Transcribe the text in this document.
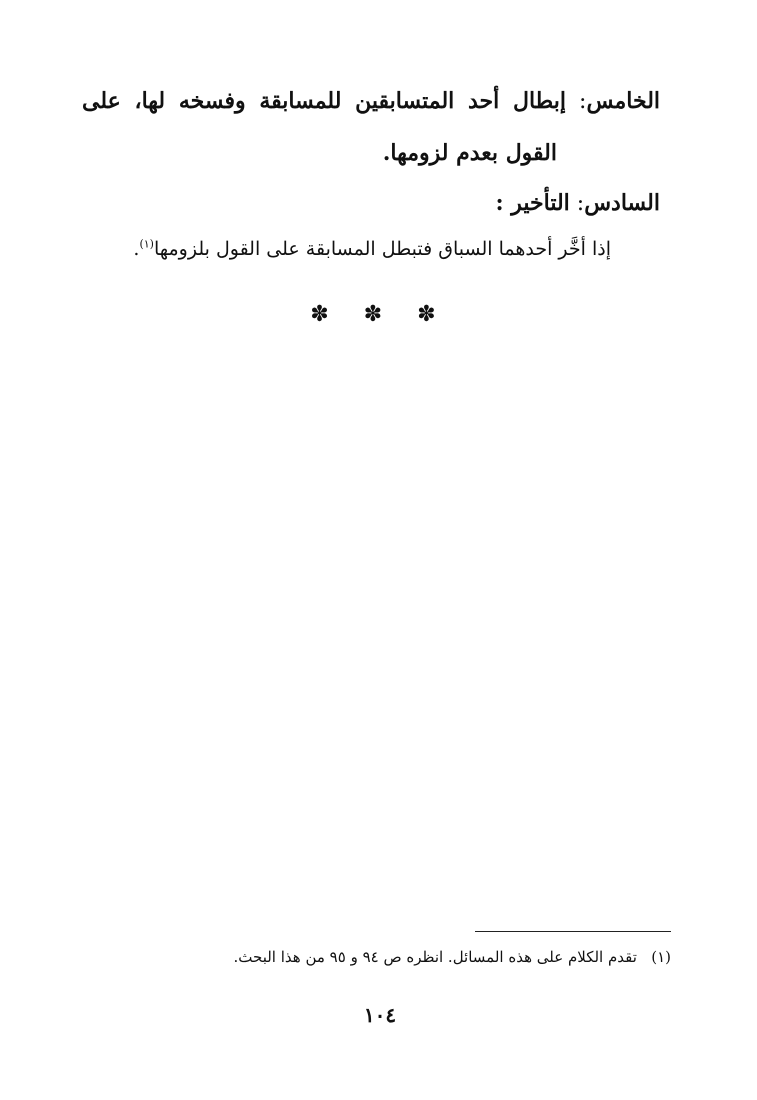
الخامس: إبطال أحد المتسابقين للمسابقة وفسخه لها، على
القول بعدم لزومها.
السادس: التأخير :
إذا أخَّر أحدهما السباق فتبطل المسابقة على القول بلزومها$^{(١)}$.
✽ ✽ ✽
(١)   تقدم الكلام على هذه المسائل. انظره ص ٩٤ و ٩٥ من هذا البحث.
١٠٤
